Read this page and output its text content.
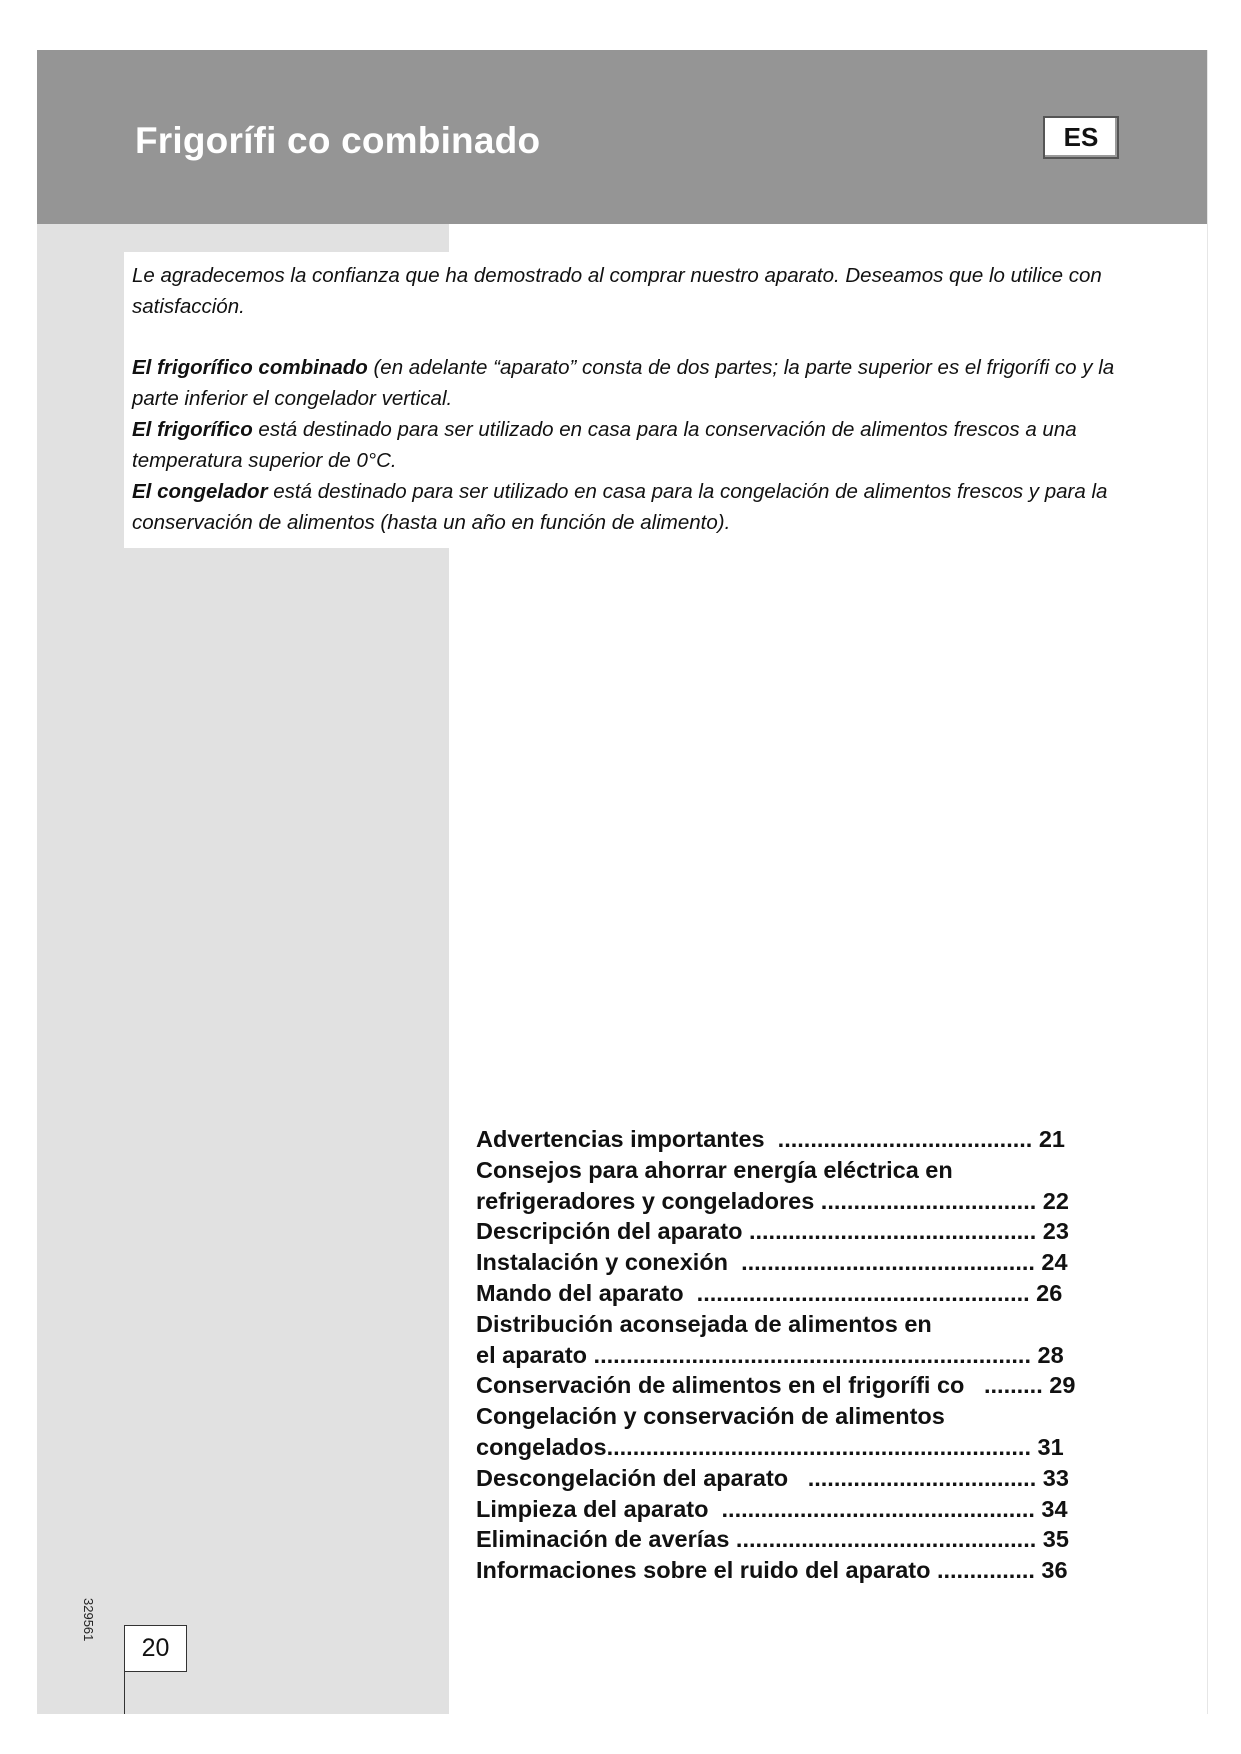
Frigorífi co combinado	ES

Le agradecemos la confianza que ha demostrado al comprar nuestro aparato. Deseamos que lo utilice con satisfacción.

El frigorífico combinado (en adelante “aparato” consta de dos partes; la parte superior es el frigorífi co y la parte inferior el congelador vertical.

El frigorífico está destinado para ser utilizado en casa para la conservación de alimentos frescos a una temperatura superior de 0°C.

El congelador está destinado para ser utilizado en casa para la congelación de alimentos frescos y para la conservación de alimentos (hasta un año en función de alimento).

Advertencias importantes  ....................................... 21
Consejos para ahorrar energía eléctrica en
refrigeradores y congeladores ................................. 22
Descripción del aparato ............................................ 23
Instalación y conexión  ............................................. 24
Mando del aparato  ................................................... 26
Distribución aconsejada de alimentos en
el aparato ................................................................... 28
Conservación de alimentos en el frigorífi co   ......... 29
Congelación y conservación de alimentos
congelados................................................................. 31
Descongelación del aparato   ................................... 33
Limpieza del aparato  ................................................ 34
Eliminación de averías .............................................. 35
Informaciones sobre el ruido del aparato ............... 36
329561
20
